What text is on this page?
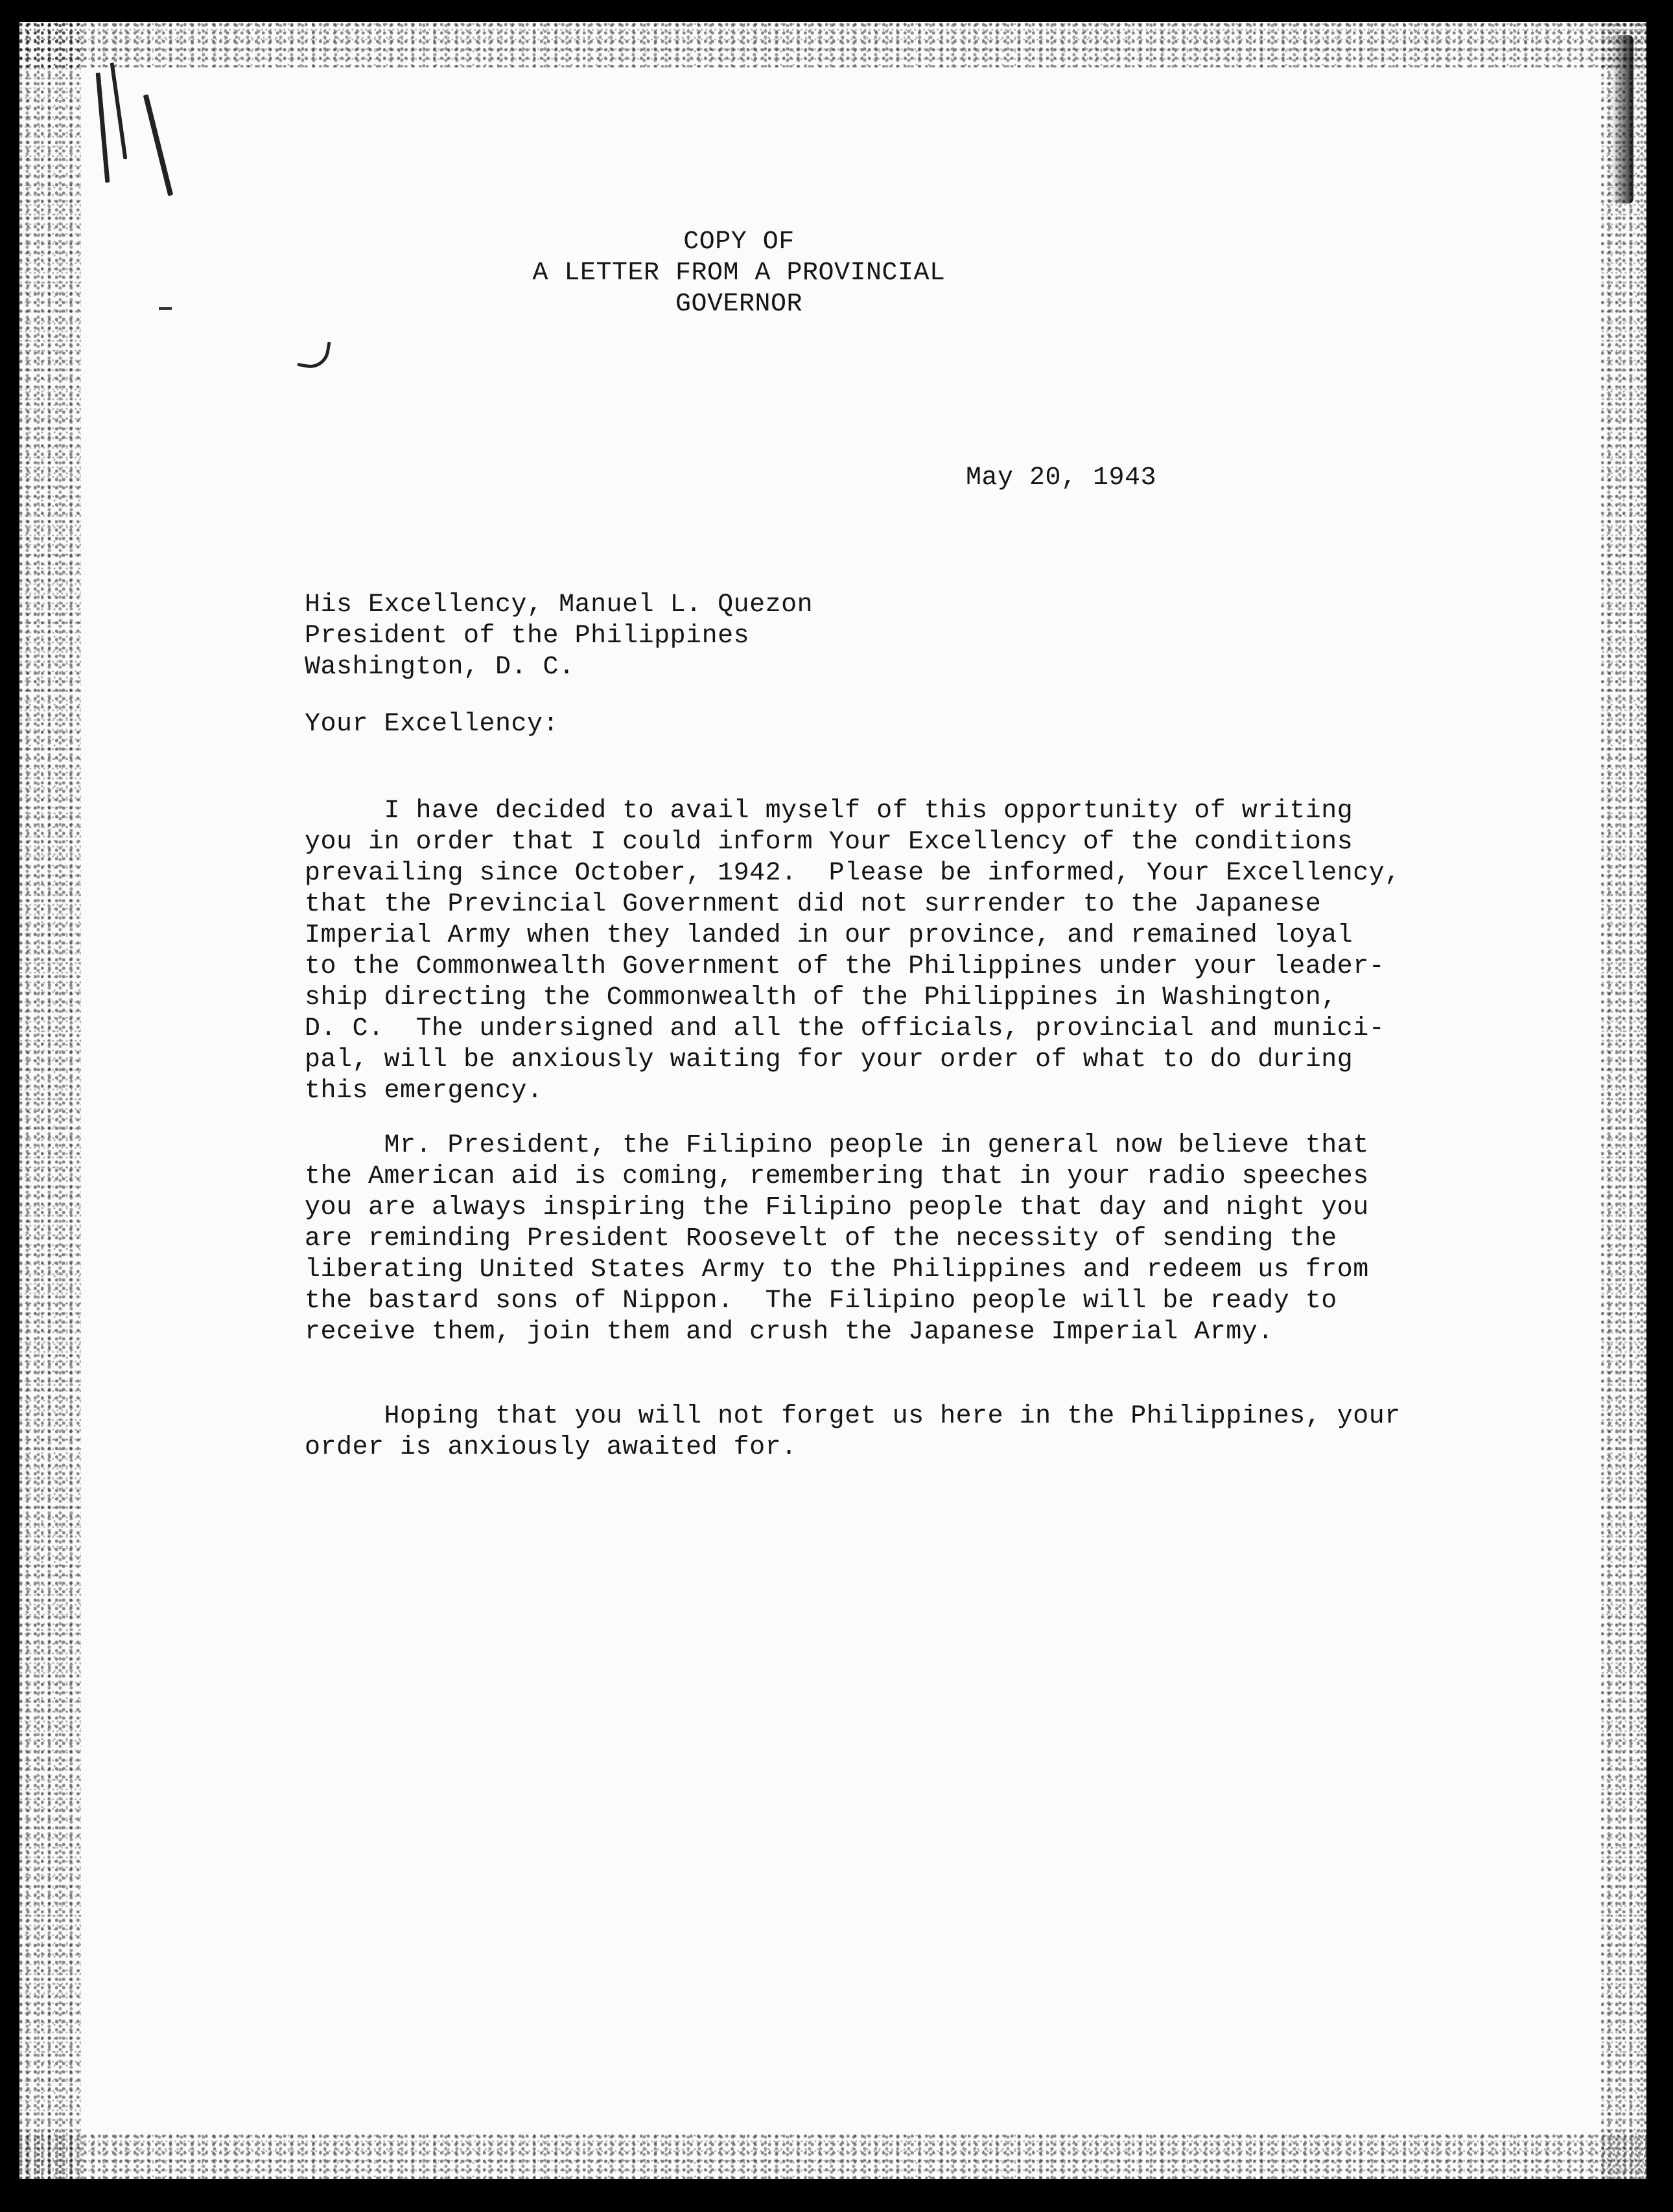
COPY OF
A LETTER FROM A PROVINCIAL
GOVERNOR
May 20, 1943
His Excellency, Manuel L. Quezon
President of the Philippines
Washington, D. C.
Your Excellency:
I have decided to avail myself of this opportunity of writing
you in order that I could inform Your Excellency of the conditions
prevailing since October, 1942.  Please be informed, Your Excellency,
that the Previncial Government did not surrender to the Japanese
Imperial Army when they landed in our province, and remained loyal
to the Commonwealth Government of the Philippines under your leader-
ship directing the Commonwealth of the Philippines in Washington,
D. C.  The undersigned and all the officials, provincial and munici-
pal, will be anxiously waiting for your order of what to do during
this emergency.
Mr. President, the Filipino people in general now believe that
the American aid is coming, remembering that in your radio speeches
you are always inspiring the Filipino people that day and night you
are reminding President Roosevelt of the necessity of sending the
liberating United States Army to the Philippines and redeem us from
the bastard sons of Nippon.  The Filipino people will be ready to
receive them, join them and crush the Japanese Imperial Army.
Hoping that you will not forget us here in the Philippines, your
order is anxiously awaited for.
